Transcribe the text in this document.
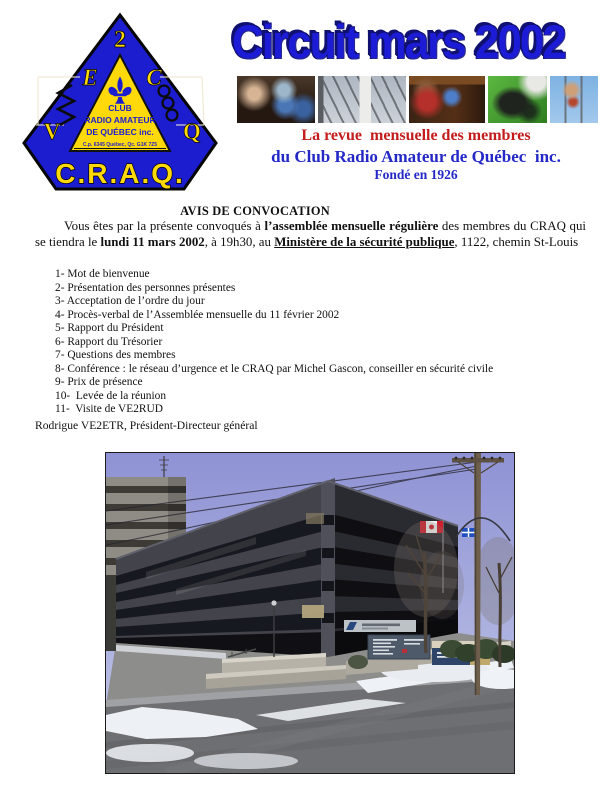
2
E C
V	Q
CLUB
RADIO AMATEUR
DE QUÉBEC inc.
C.p. 6345 Québec, Qc. G1K 7Z5
C.R.A.Q.
Circuit mars 2002
La revue  mensuelle des membres
du Club Radio Amateur de Québec  inc.
Fondé en 1926
AVIS DE CONVOCATION
Vous êtes par la présente convoqués à l’assemblée mensuelle régulière des membres du CRAQ qui se tiendra le lundi 11 mars 2002, à 19h30, au Ministère de la sécurité publique, 1122, chemin St-Louis
1- Mot de bienvenue
2- Présentation des personnes présentes
3- Acceptation de l’ordre du jour
4- Procès-verbal de l’Assemblée mensuelle du 11 février 2002
5- Rapport du Président
6- Rapport du Trésorier
7- Questions des membres
8- Conférence : le réseau d’urgence et le CRAQ par Michel Gascon, conseiller en sécurité civile
9- Prix de présence
10-  Levée de la réunion
11-  Visite de VE2RUD
Rodrigue VE2ETR, Président-Directeur général
